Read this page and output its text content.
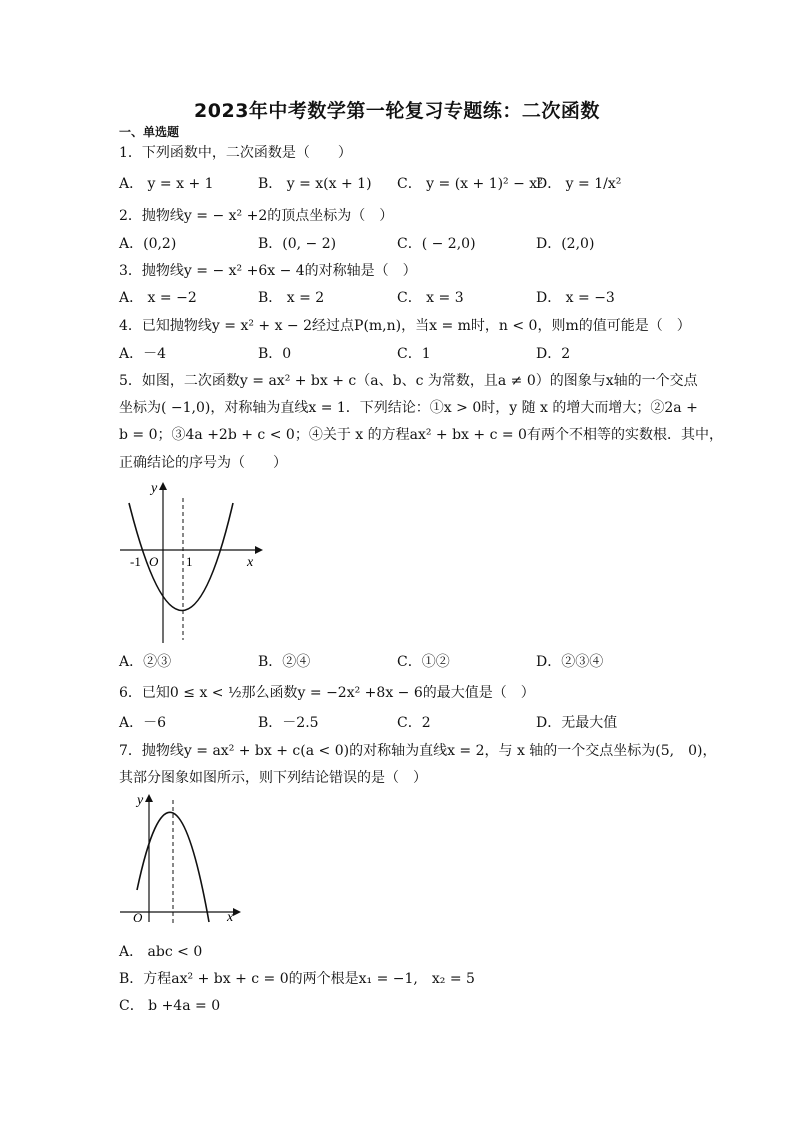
2023年中考数学第一轮复习专题练：二次函数
一、单选题
1．下列函数中，二次函数是（　　）
A． y = x + 1	B． y = x(x + 1) C． y = (x + 1)² − x²
D． y = 1/x²
2．抛物线y = − x² +2的顶点坐标为（　）
A．(0,2)	B．(0, − 2)	C．( − 2,0)	D．(2,0)
3．抛物线y = − x² +6x − 4的对称轴是（　）
A． x = −2	B． x = 2	C． x = 3	D． x = −3
4．已知抛物线y = x² + x − 2经过点P(m,n)，当x = m时，n < 0，则m的值可能是（　）
A．－4	B．0	C．1	D．2
5．如图，二次函数y = ax² + bx + c（a、b、c 为常数，且a ≠ 0）的图象与x轴的一个交点
坐标为( −1,0)，对称轴为直线x = 1．下列结论：①x > 0时，y 随 x 的增大而增大；②2a +
b = 0；③4a +2b + c < 0；④关于 x 的方程ax² + bx + c = 0有两个不相等的实数根．其中，
正确结论的序号为（　　）
y
x
-1 O 1
A．②③	B．②④	C．①②	D．②③④
6．已知0 ≤ x < ½那么函数y = −2x² +8x − 6的最大值是（　）
A．－6	B．－2.5	C．2	D．无最大值
7．抛物线y = ax² + bx + c(a < 0)的对称轴为直线x = 2，与 x 轴的一个交点坐标为(5,　0)，
其部分图象如图所示，则下列结论错误的是（　）
y
x
O
A． abc < 0
B．方程ax² + bx + c = 0的两个根是x₁ = −1,　x₂ = 5
C． b +4a = 0
